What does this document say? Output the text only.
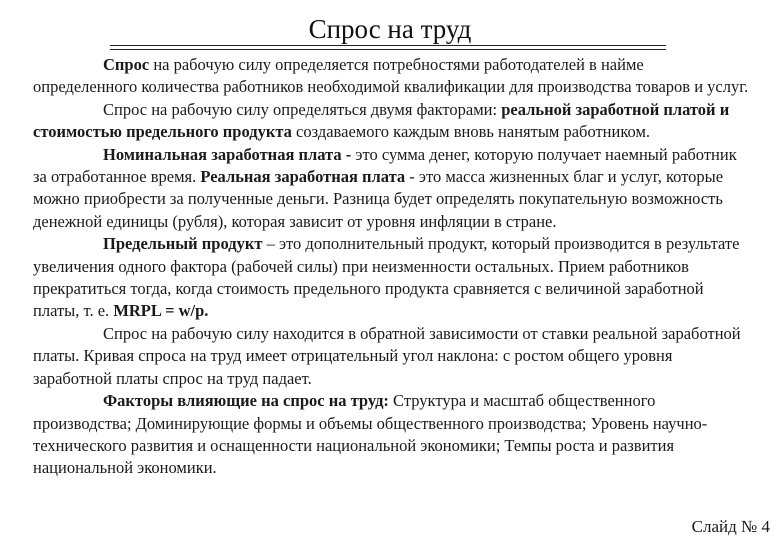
Спрос на труд

Спрос на рабочую силу определяется потребностями работодателей в найме определенного количества работников необходимой квалификации для производства товаров и услуг.

Спрос на рабочую силу определяться двумя факторами: реальной заработной платой и стоимостью предельного продукта создаваемого каждым вновь нанятым работником.

Номинальная заработная плата - это сумма денег, которую получает наемный работник за отработанное время. Реальная заработная плата - это масса жизненных благ и услуг, которые можно приобрести за полученные деньги. Разница будет определять покупательную возможность денежной единицы (рубля), которая зависит от уровня инфляции в стране.

Предельный продукт – это дополнительный продукт, который производится в результате увеличения одного фактора (рабочей силы) при неизменности остальных. Прием работников прекратиться тогда, когда стоимость предельного продукта сравняется с величиной заработной платы, т. е. MRPL = w/p.

Спрос на рабочую силу находится в обратной зависимости от ставки реальной заработной платы. Кривая спроса на труд имеет отрицательный угол наклона: с ростом общего уровня заработной платы спрос на труд падает.

Факторы влияющие на спрос на труд: Структура и масштаб общественного производства; Доминирующие формы и объемы общественного производства; Уровень научно-технического развития и оснащенности национальной экономики; Темпы роста и развития национальной экономики.

Слайд № 4
